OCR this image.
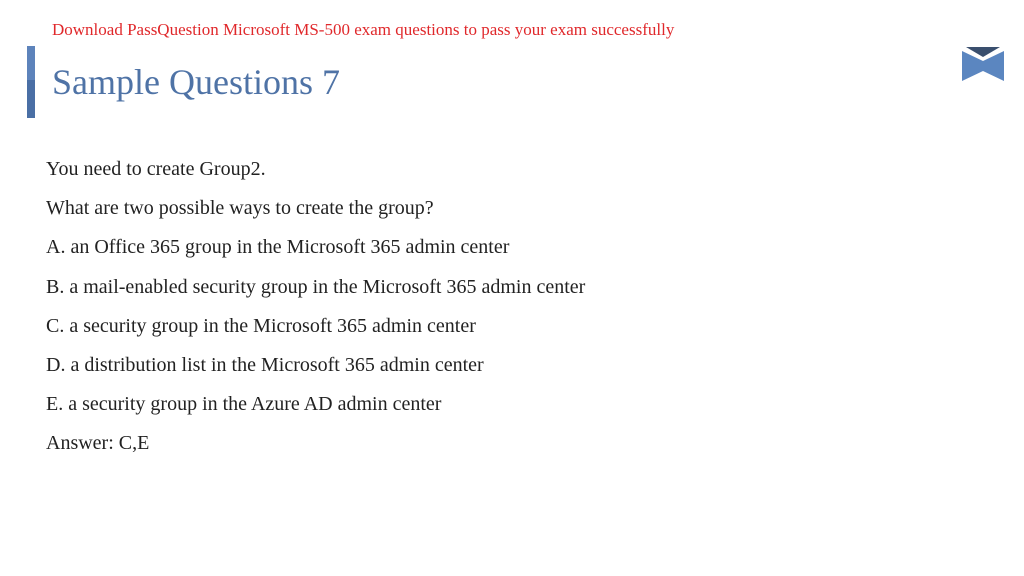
Download PassQuestion Microsoft MS-500 exam questions to pass your exam successfully
Sample Questions 7
You need to create Group2.
What are two possible ways to create the group?
A. an Office 365 group in the Microsoft 365 admin center
B. a mail-enabled security group in the Microsoft 365 admin center
C. a security group in the Microsoft 365 admin center
D. a distribution list in the Microsoft 365 admin center
E. a security group in the Azure AD admin center
Answer: C,E
